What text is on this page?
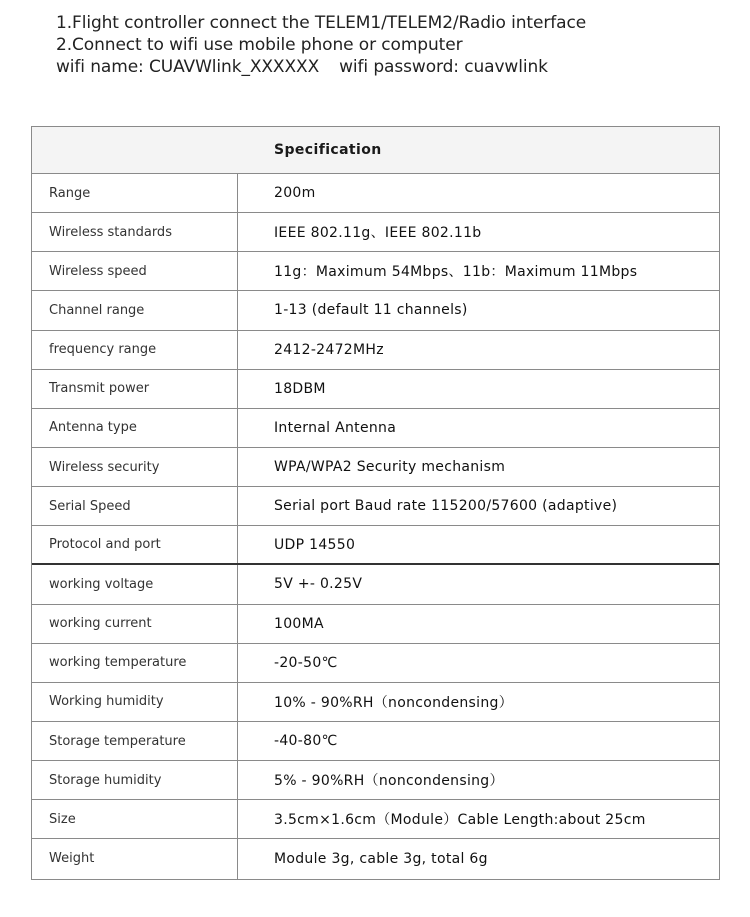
1.Flight controller connect the TELEM1/TELEM2/Radio interface
2.Connect to wifi use mobile phone or computer
wifi name: CUAVWlink_XXXXXX wifi password: cuavwlink
Specification
Range	200m
Wireless standards	IEEE 802.11g、IEEE 802.11b
Wireless speed	11g：Maximum 54Mbps、11b：Maximum 11Mbps
Channel range	1-13 (default 11 channels)
frequency range	2412-2472MHz
Transmit power	18DBM
Antenna type	Internal Antenna
Wireless security	WPA/WPA2 Security mechanism
Serial Speed	Serial port Baud rate 115200/57600 (adaptive)
Protocol and port	UDP 14550
working voltage	5V +- 0.25V
working current	100MA
working temperature	-20-50℃
Working humidity	10% - 90%RH（noncondensing）
Storage temperature	-40-80℃
Storage humidity	5% - 90%RH（noncondensing）
Size	3.5cm×1.6cm（Module）Cable Length:about 25cm
Weight	Module 3g, cable 3g, total 6g
